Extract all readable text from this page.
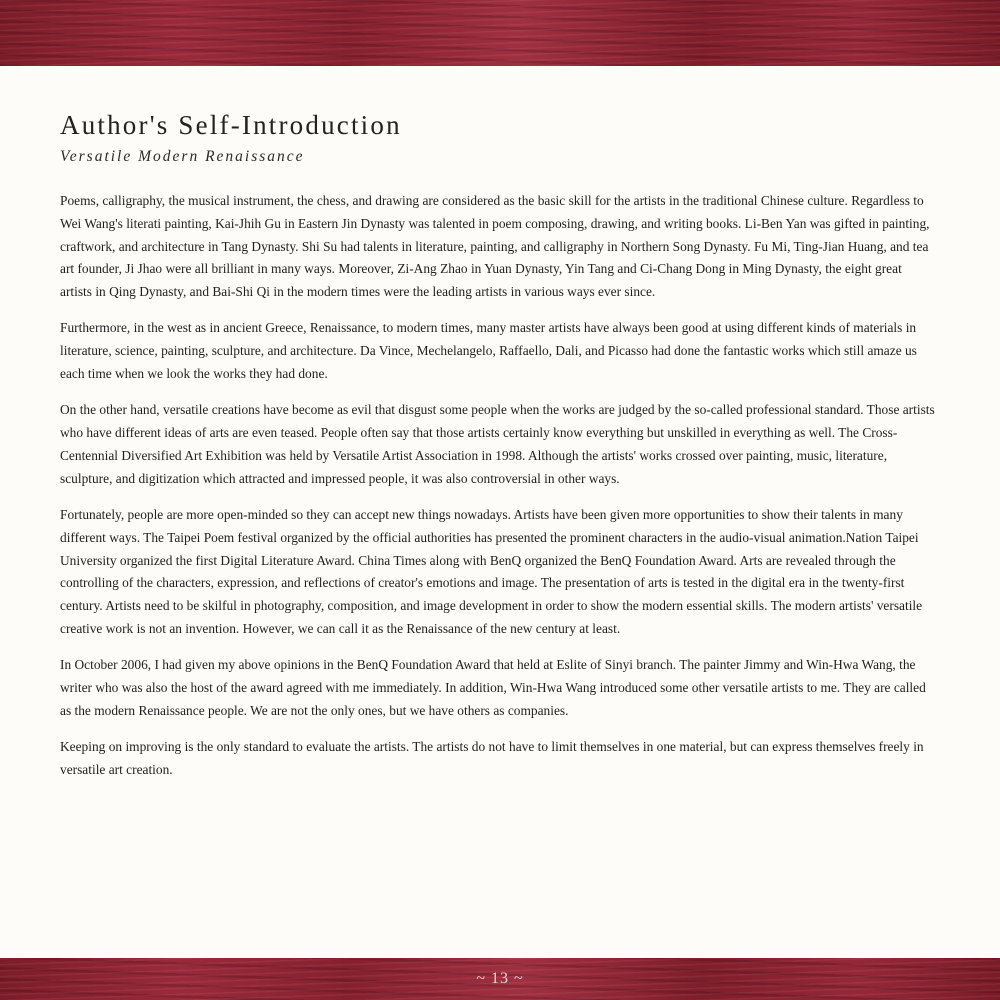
Author's Self-Introduction
Versatile Modern Renaissance

Poems, calligraphy, the musical instrument, the chess, and drawing are considered as the basic skill for the artists in the traditional Chinese culture. Regardless to Wei Wang's literati painting, Kai-Jhih Gu in Eastern Jin Dynasty was talented in poem composing, drawing, and writing books. Li-Ben Yan was gifted in painting, craftwork, and architecture in Tang Dynasty. Shi Su had talents in literature, painting, and calligraphy in Northern Song Dynasty. Fu Mi, Ting-Jian Huang, and tea art founder, Ji Jhao were all brilliant in many ways. Moreover, Zi-Ang Zhao in Yuan Dynasty, Yin Tang and Ci-Chang Dong in Ming Dynasty, the eight great artists in Qing Dynasty, and Bai-Shi Qi in the modern times were the leading artists in various ways ever since.

Furthermore, in the west as in ancient Greece, Renaissance, to modern times, many master artists have always been good at using different kinds of materials in literature, science, painting, sculpture, and architecture. Da Vince, Mechelangelo, Raffaello, Dali, and Picasso had done the fantastic works which still amaze us each time when we look the works they had done.

On the other hand, versatile creations have become as evil that disgust some people when the works are judged by the so-called professional standard. Those artists who have different ideas of arts are even teased. People often say that those artists certainly know everything but unskilled in everything as well. The Cross-Centennial Diversified Art Exhibition was held by Versatile Artist Association in 1998. Although the artists' works crossed over painting, music, literature, sculpture, and digitization which attracted and impressed people, it was also controversial in other ways.

Fortunately, people are more open-minded so they can accept new things nowadays. Artists have been given more opportunities to show their talents in many different ways. The Taipei Poem festival organized by the official authorities has presented the prominent characters in the audio-visual animation.Nation Taipei University organized the first Digital Literature Award. China Times along with BenQ organized the BenQ Foundation Award. Arts are revealed through the controlling of the characters, expression, and reflections of creator's emotions and image. The presentation of arts is tested in the digital era in the twenty-first century. Artists need to be skilful in photography, composition, and image development in order to show the modern essential skills. The modern artists' versatile creative work is not an invention. However, we can call it as the Renaissance of the new century at least.

In October 2006, I had given my above opinions in the BenQ Foundation Award that held at Eslite of Sinyi branch. The painter Jimmy and Win-Hwa Wang, the writer who was also the host of the award agreed with me immediately. In addition, Win-Hwa Wang introduced some other versatile artists to me. They are called as the modern Renaissance people. We are not the only ones, but we have others as companies.

Keeping on improving is the only standard to evaluate the artists. The artists do not have to limit themselves in one material, but can express themselves freely in versatile art creation.

~ 13 ~
